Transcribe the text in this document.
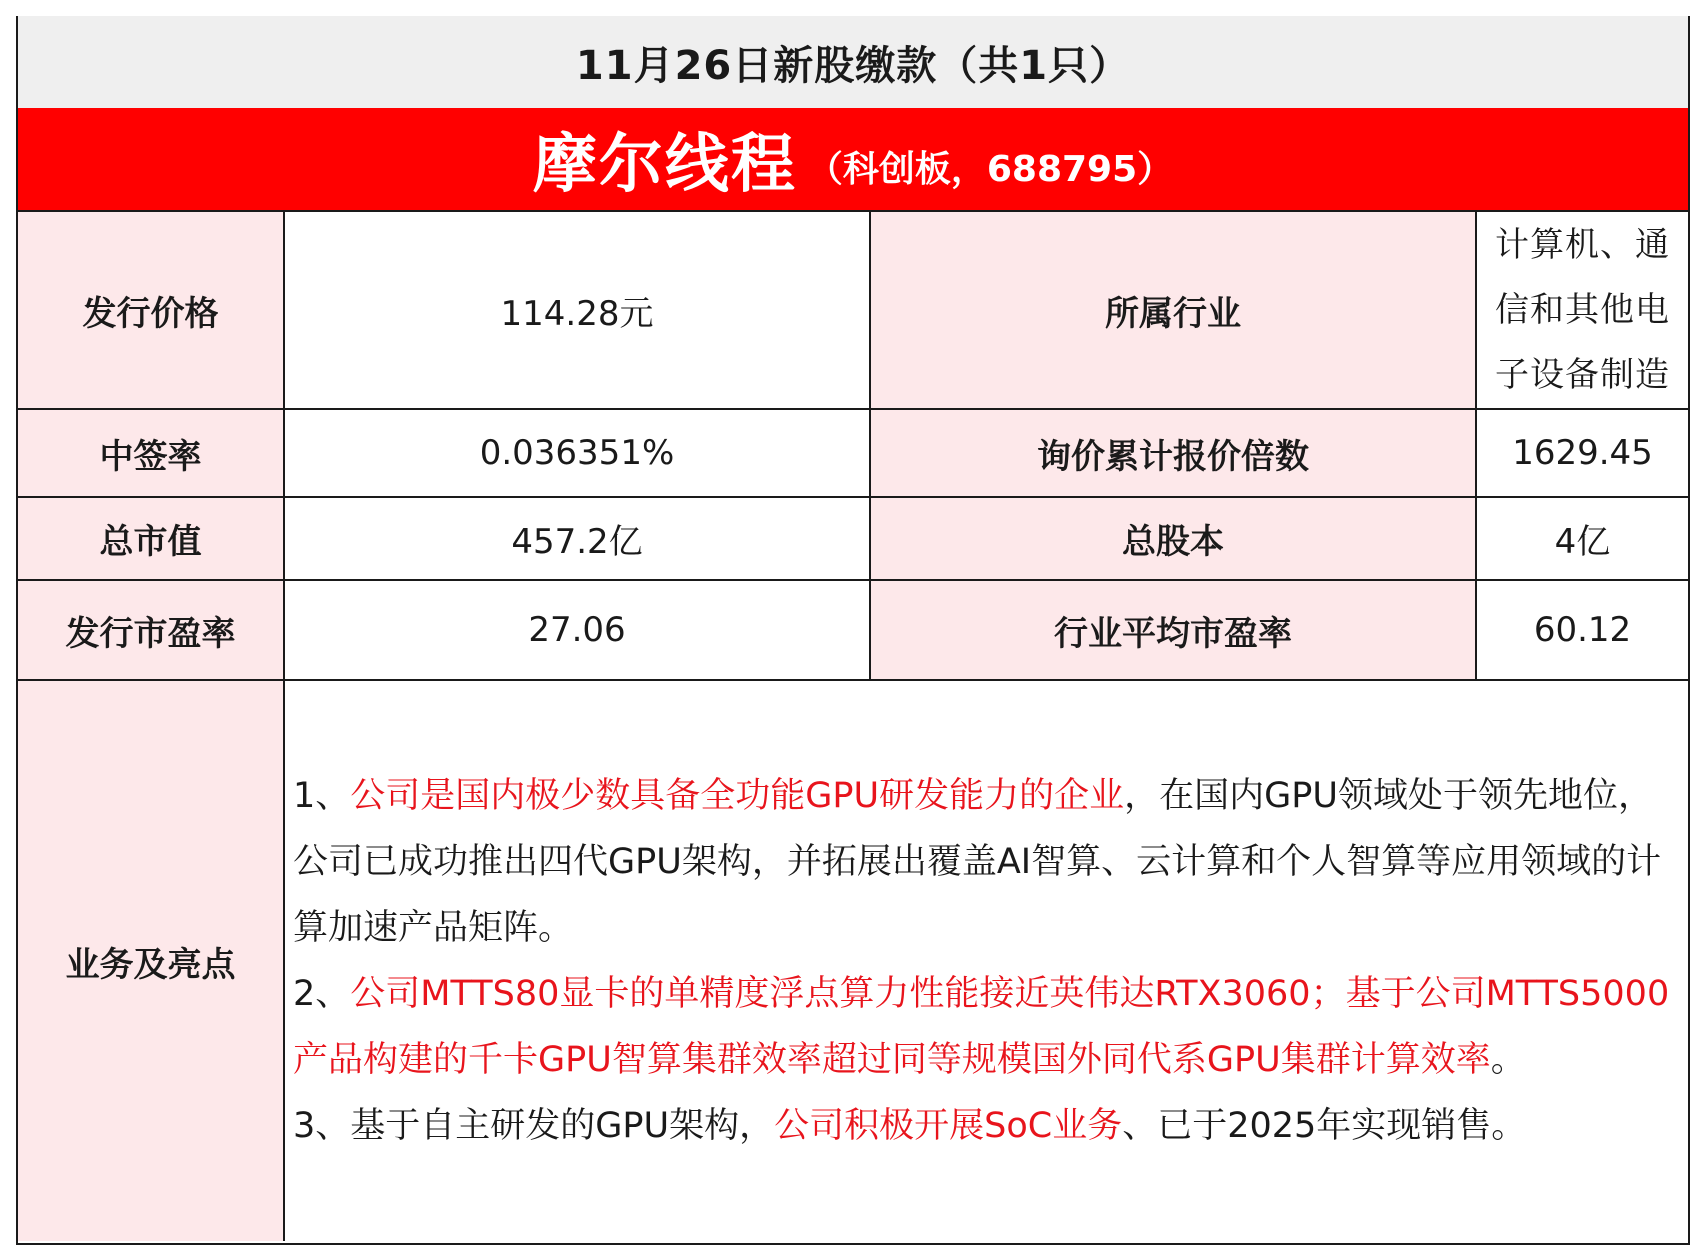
11月26日新股缴款（共1只）
摩尔线程 （科创板，688795）
发行价格	114.28元	所属行业	计算机、通信和其他电子设备制造
中签率	0.036351%	询价累计报价倍数	1629.45
总市值	457.2亿	总股本	4亿
发行市盈率	27.06	行业平均市盈率	60.12
业务及亮点	1、公司是国内极少数具备全功能GPU研发能力的企业，在国内GPU领域处于领先地位，公司已成功推出四代GPU架构，并拓展出覆盖AI智算、云计算和个人智算等应用领域的计算加速产品矩阵。

2、公司MTTS80显卡的单精度浮点算力性能接近英伟达RTX3060；基于公司MTTS5000产品构建的千卡GPU智算集群效率超过同等规模国外同代系GPU集群计算效率。

3、基于自主研发的GPU架构，公司积极开展SoC业务、已于2025年实现销售。		
